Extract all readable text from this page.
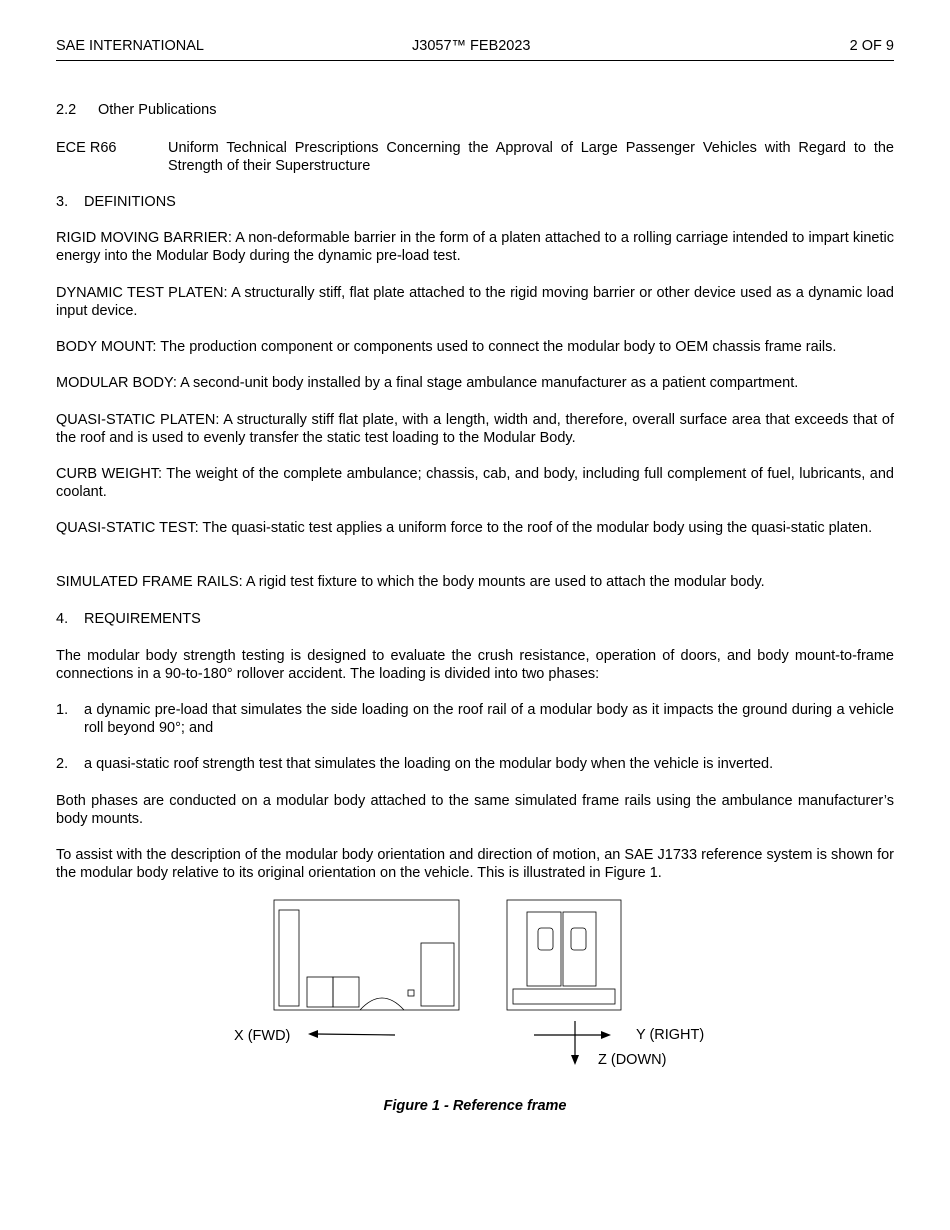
SAE INTERNATIONAL	J3057™ FEB2023	2 OF 9
2.2 Other Publications
ECE R66	Uniform Technical Prescriptions Concerning the Approval of Large Passenger Vehicles with Regard to the Strength of their Superstructure
3. DEFINITIONS
RIGID MOVING BARRIER: A non-deformable barrier in the form of a platen attached to a rolling carriage intended to impart kinetic energy into the Modular Body during the dynamic pre-load test.
DYNAMIC TEST PLATEN: A structurally stiff, flat plate attached to the rigid moving barrier or other device used as a dynamic load input device.
BODY MOUNT: The production component or components used to connect the modular body to OEM chassis frame rails.
MODULAR BODY: A second-unit body installed by a final stage ambulance manufacturer as a patient compartment.
QUASI-STATIC PLATEN: A structurally stiff flat plate, with a length, width and, therefore, overall surface area that exceeds that of the roof and is used to evenly transfer the static test loading to the Modular Body.
CURB WEIGHT: The weight of the complete ambulance; chassis, cab, and body, including full complement of fuel, lubricants, and coolant.
QUASI-STATIC TEST: The quasi-static test applies a uniform force to the roof of the modular body using the quasi-static platen.
SIMULATED FRAME RAILS: A rigid test fixture to which the body mounts are used to attach the modular body.
4. REQUIREMENTS
The modular body strength testing is designed to evaluate the crush resistance, operation of doors, and body mount-to-frame connections in a 90-to-180° rollover accident. The loading is divided into two phases:
1. a dynamic pre-load that simulates the side loading on the roof rail of a modular body as it impacts the ground during a vehicle roll beyond 90°; and
2. a quasi-static roof strength test that simulates the loading on the modular body when the vehicle is inverted.
Both phases are conducted on a modular body attached to the same simulated frame rails using the ambulance manufacturer’s body mounts.
To assist with the description of the modular body orientation and direction of motion, an SAE J1733 reference system is shown for the modular body relative to its original orientation on the vehicle. This is illustrated in Figure 1.
X (FWD)	Y (RIGHT)
Z (DOWN)
Figure 1 - Reference frame
